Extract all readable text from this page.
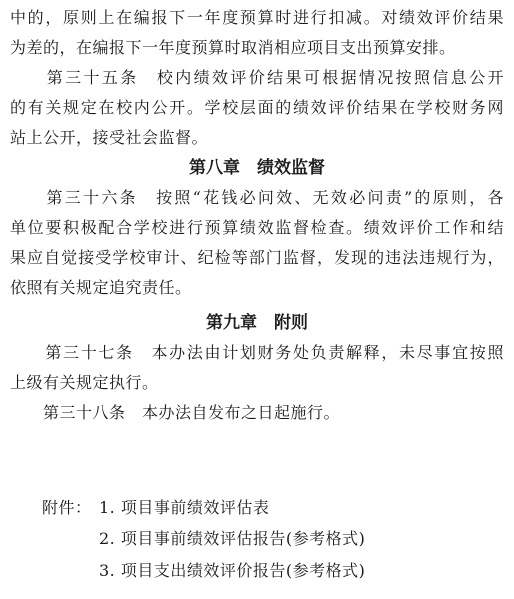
中的，原则上在编报下一年度预算时进行扣减。对绩效评价结果
为差的，在编报下一年度预算时取消相应项目支出预算安排。
　　第三十五条　校内绩效评价结果可根据情况按照信息公开
的有关规定在校内公开。学校层面的绩效评价结果在学校财务网
站上公开，接受社会监督。
第八章　绩效监督
　　第三十六条　按照“花钱必问效、无效必问责”的原则，各
单位要积极配合学校进行预算绩效监督检查。绩效评价工作和结
果应自觉接受学校审计、纪检等部门监督，发现的违法违规行为，
依照有关规定追究责任。
第九章　附则
　　第三十七条　本办法由计划财务处负责解释，未尽事宜按照
上级有关规定执行。
　　第三十八条　本办法自发布之日起施行。
附件： 1. 项目事前绩效评估表
2. 项目事前绩效评估报告(参考格式)
3. 项目支出绩效评价报告(参考格式)
